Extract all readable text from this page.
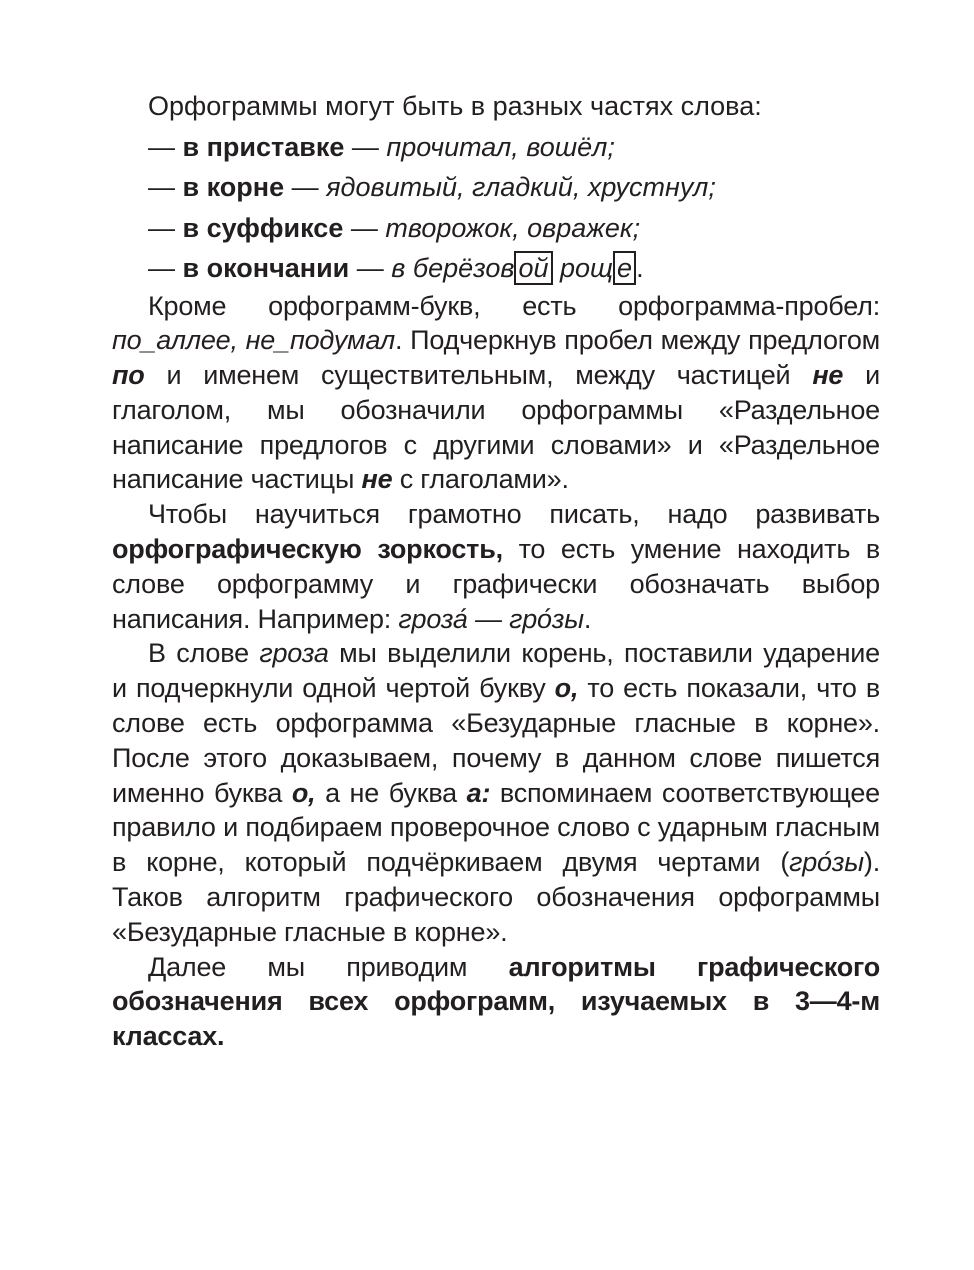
Орфограммы могут быть в разных частях слова:

— в приставке — прочитал, вошёл;

— в корне — ядовитый, гладкий, хрустнул;

— в суффиксе — творожок, овражек;

— в окончании — в берёзов ой рощ е .

Кроме орфограмм-букв, есть орфограмма-пробел: по_аллее, не_подумал. Подчеркнув пробел между предлогом по и именем существительным, между частицей не и глаголом, мы обозначили орфограммы «Раздельное написание предлогов с другими словами» и «Раздельное написание частицы не с глаголами».

Чтобы научиться грамотно писать, надо развивать орфографическую зоркость, то есть умение находить в слове орфограмму и графически обозначать выбор написания. Например: гроза́ — гро́зы.

В слове гроза мы выделили корень, поставили ударение и подчеркнули одной чертой букву о, то есть показали, что в слове есть орфограмма «Безударные гласные в корне». После этого доказываем, почему в данном слове пишется именно буква о, а не буква а: вспоминаем соответствующее правило и подбираем проверочное слово с ударным гласным в корне, который подчёркиваем двумя чертами (гро́зы). Таков алгоритм графического обозначения орфограммы «Безударные гласные в корне».

Далее мы приводим алгоритмы графического обозначения всех орфограмм, изучаемых в 3—4-м классах.
